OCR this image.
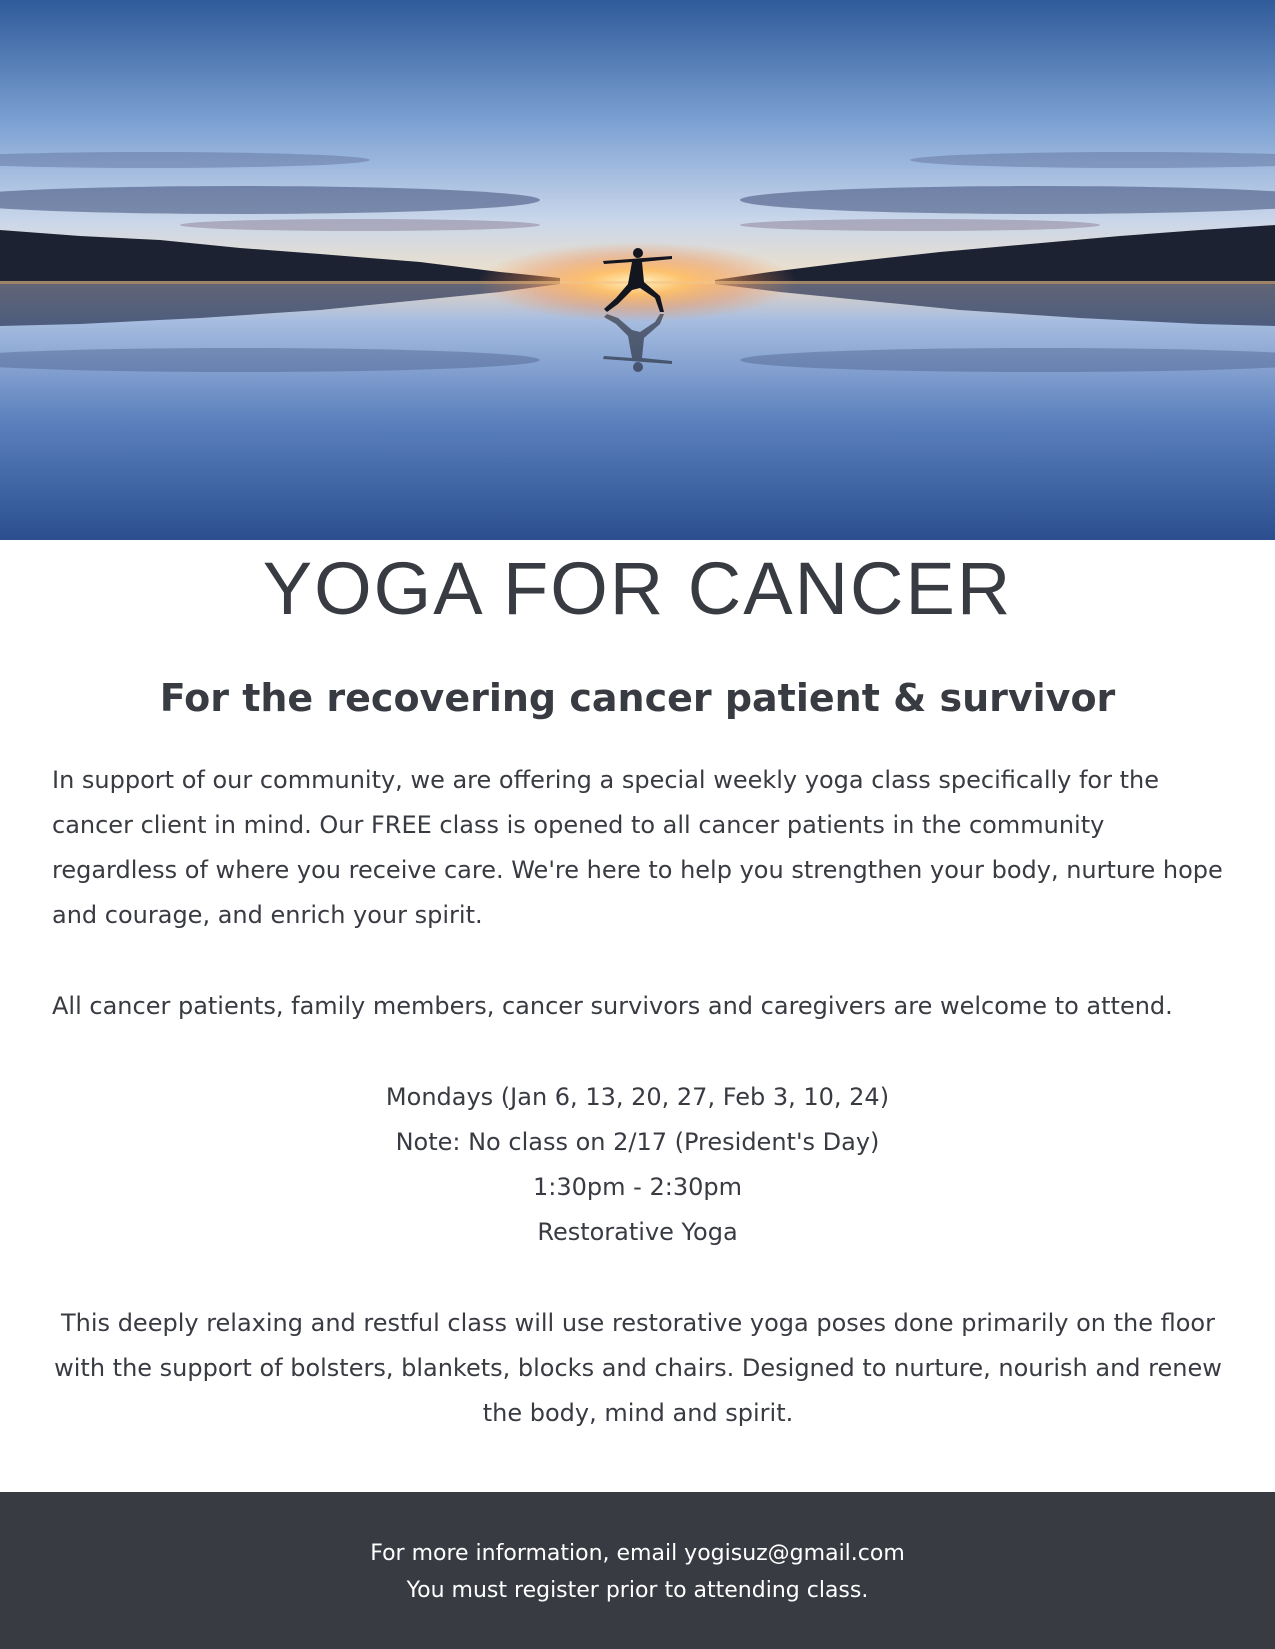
YOGA FOR CANCER
For the recovering cancer patient & survivor

In support of our community, we are offering a special weekly yoga class specifically for the cancer client in mind. Our FREE class is opened to all cancer patients in the community regardless of where you receive care. We're here to help you strengthen your body, nurture hope and courage, and enrich your spirit.

All cancer patients, family members, cancer survivors and caregivers are welcome to attend.

Mondays (Jan 6, 13, 20, 27, Feb 3, 10, 24)
Note: No class on 2/17 (President's Day)
1:30pm - 2:30pm
Restorative Yoga

This deeply relaxing and restful class will use restorative yoga poses done primarily on the floor with the support of bolsters, blankets, blocks and chairs. Designed to nurture, nourish and renew the body, mind and spirit.

For more information, email yogisuz@gmail.com
You must register prior to attending class.
